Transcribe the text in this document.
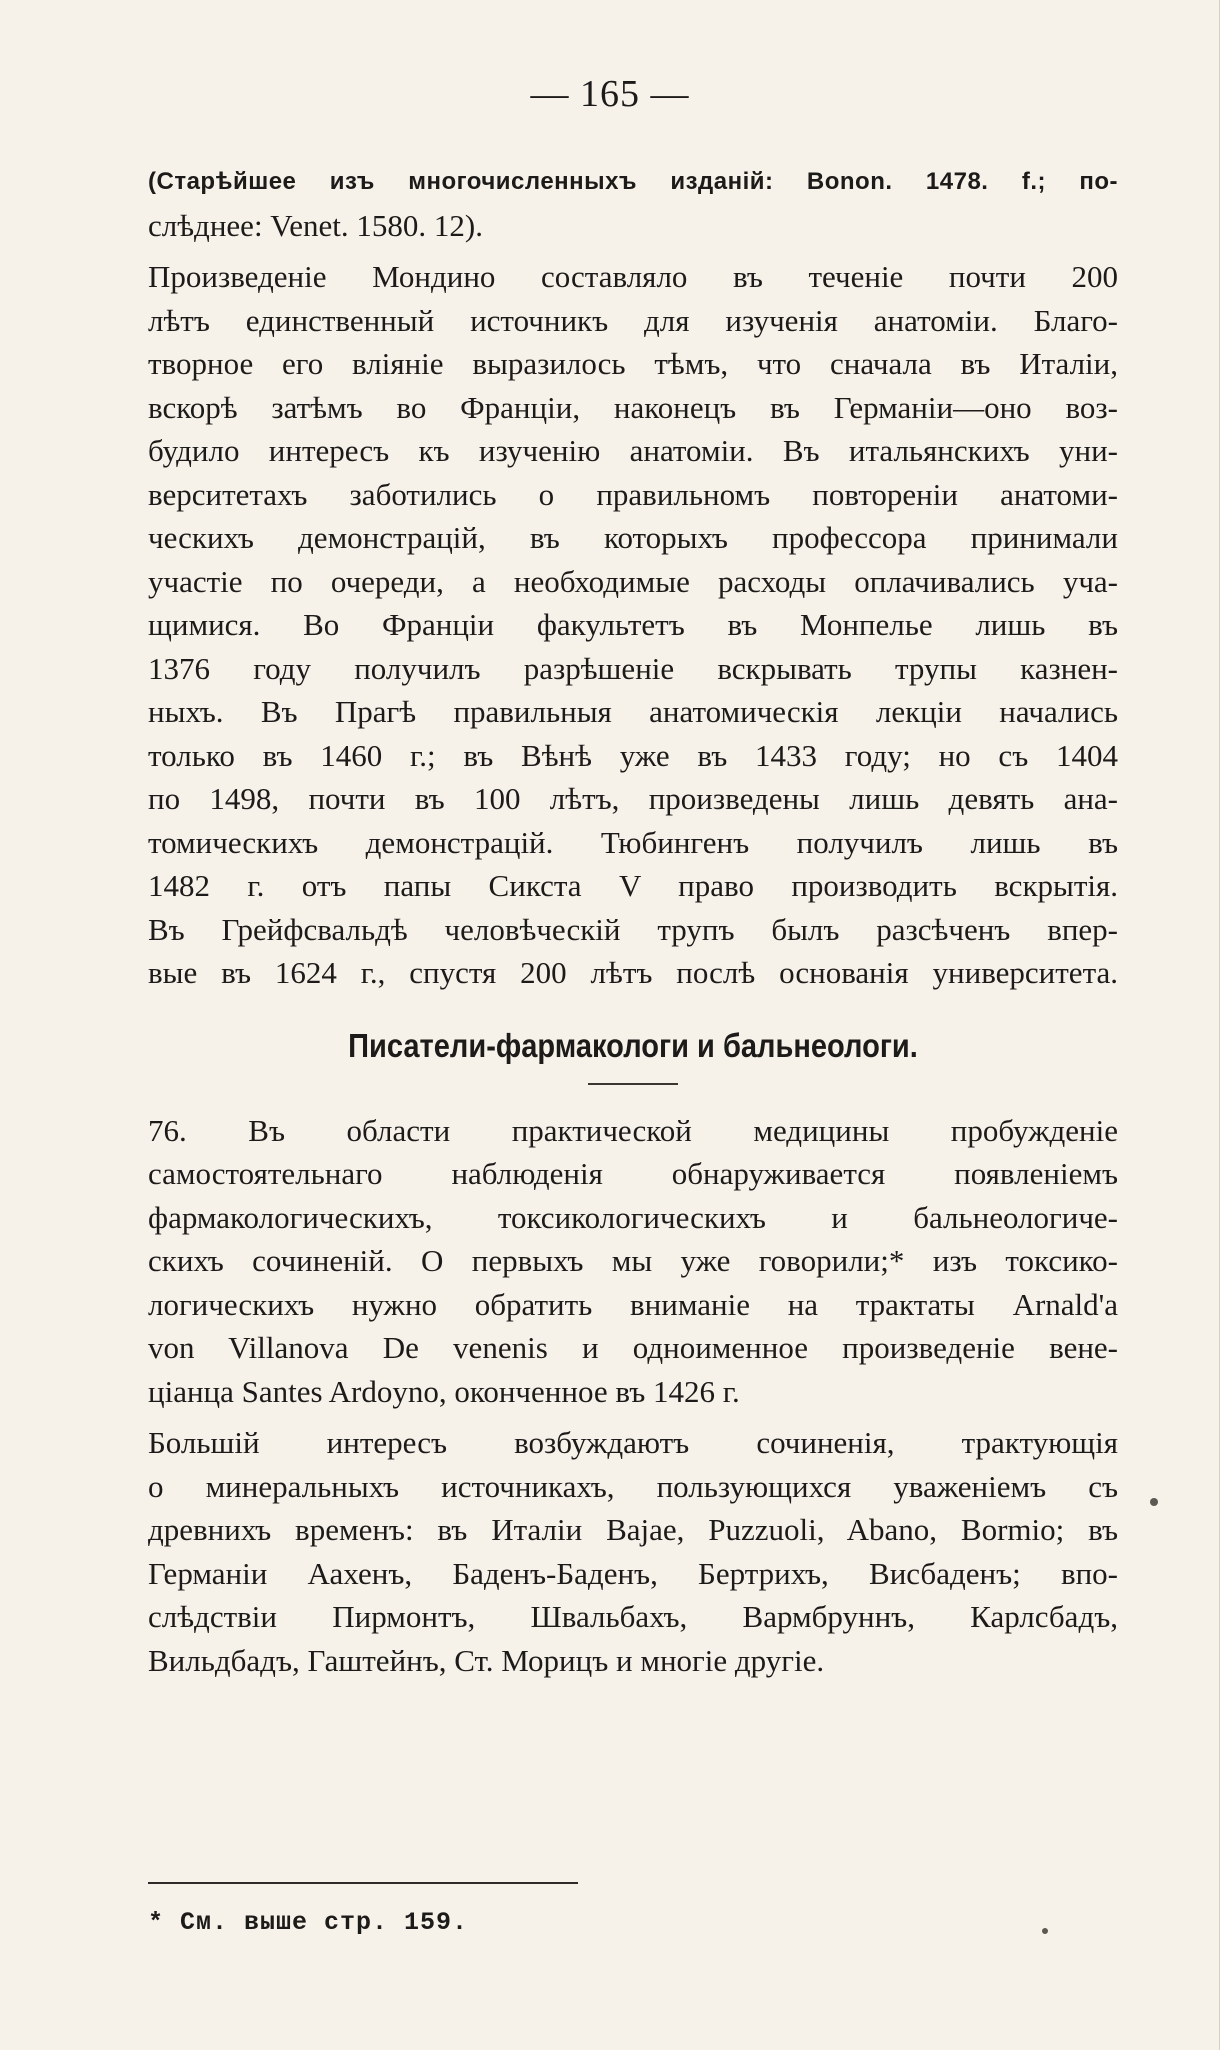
— 165 —
(Старѣйшее изъ многочисленныхъ изданій: Bonon. 1478. f.; по-
слѣднее: Venet. 1580. 12).
Произведеніе Мондино составляло въ теченіе почти 200
лѣтъ единственный источникъ для изученія анатоміи. Благо-
творное его вліяніе выразилось тѣмъ, что сначала въ Италіи,
вскорѣ затѣмъ во Франціи, наконецъ въ Германіи—оно воз-
будило интересъ къ изученію анатоміи. Въ итальянскихъ уни-
верситетахъ заботились о правильномъ повтореніи анатоми-
ческихъ демонстрацій, въ которыхъ профессора принимали
участіе по очереди, а необходимые расходы оплачивались уча-
щимися. Во Франціи факультетъ въ Монпелье лишь въ
1376 году получилъ разрѣшеніе вскрывать трупы казнен-
ныхъ. Въ Прагѣ правильныя анатомическія лекціи начались
только въ 1460 г.; въ Вѣнѣ уже въ 1433 году; но съ 1404
по 1498, почти въ 100 лѣтъ, произведены лишь девять ана-
томическихъ демонстрацій. Тюбингенъ получилъ лишь въ
1482 г. отъ папы Сикста V право производить вскрытія.
Въ Грейфсвальдѣ человѣческій трупъ былъ разсѣченъ впер-
вые въ 1624 г., спустя 200 лѣтъ послѣ основанія университета.
Писатели-фармакологи и бальнеологи.
76. Въ области практической медицины пробужденіе
самостоятельнаго наблюденія обнаруживается появленіемъ
фармакологическихъ, токсикологическихъ и бальнеологиче-
скихъ сочиненій. О первыхъ мы уже говорили;* изъ токсико-
логическихъ нужно обратить вниманіе на трактаты Arnald'a
von Villanova De venenis и одноименное произведеніе вене-
ціанца Santes Ardoyno, оконченное въ 1426 г.
Большій интересъ возбуждаютъ сочиненія, трактующія
о минеральныхъ источникахъ, пользующихся уваженіемъ съ
древнихъ временъ: въ Италіи Bajae, Puzzuoli, Abano, Bormio; въ
Германіи Аахенъ, Баденъ-Баденъ, Бертрихъ, Висбаденъ; впо-
слѣдствіи Пирмонтъ, Швальбахъ, Вармбруннъ, Карлсбадъ,
Вильдбадъ, Гаштейнъ, Ст. Морицъ и многіе другіе.
* См. выше стр. 159.
